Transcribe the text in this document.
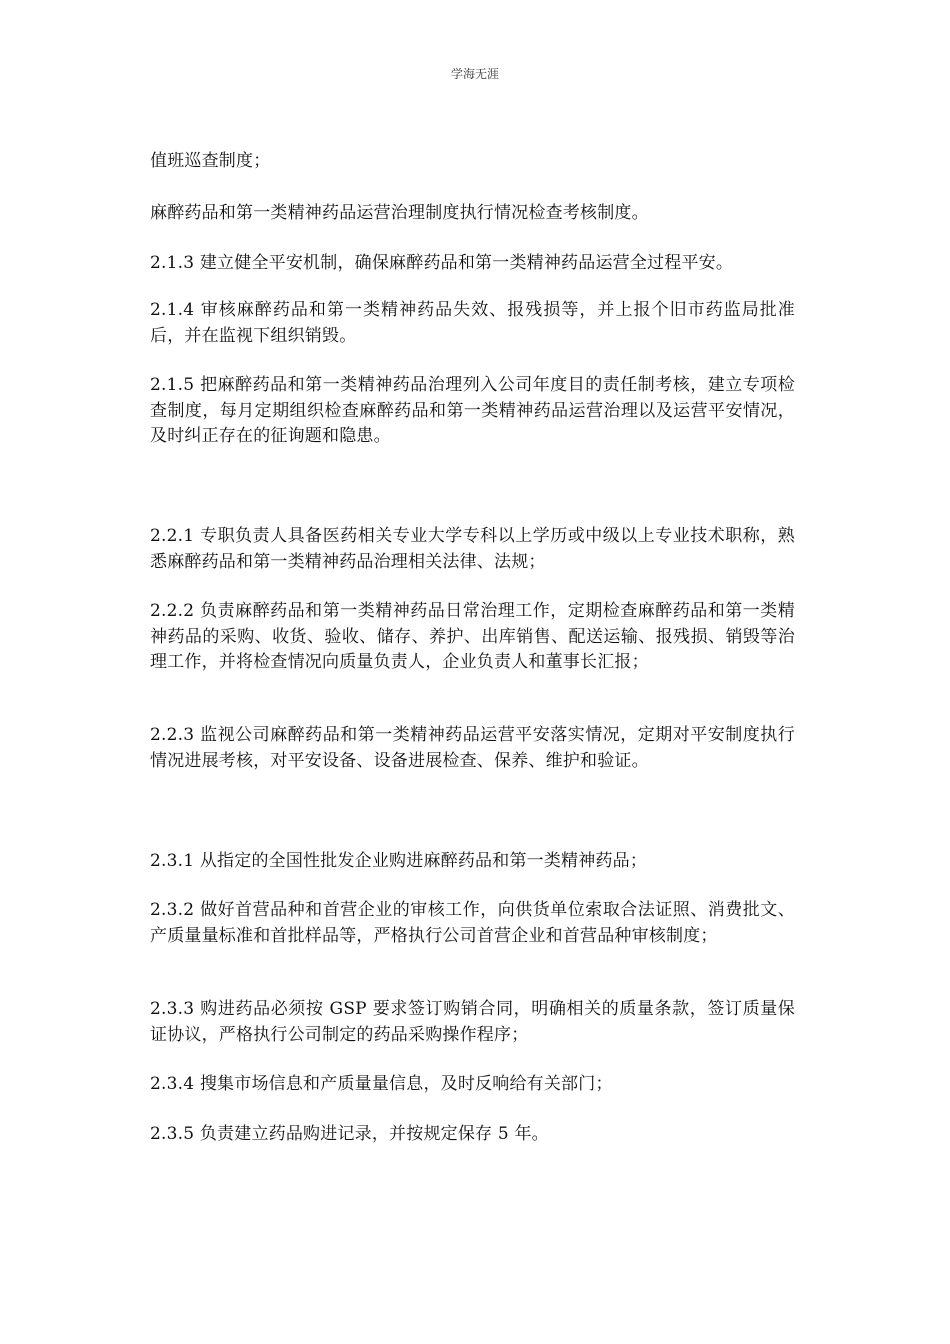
学海无涯

值班巡查制度；

麻醉药品和第一类精神药品运营治理制度执行情况检查考核制度。

2.1.3 建立健全平安机制，确保麻醉药品和第一类精神药品运营全过程平安。

2.1.4 审核麻醉药品和第一类精神药品失效、报残损等，并上报个旧市药监局批准后，并在监视下组织销毁。

2.1.5 把麻醉药品和第一类精神药品治理列入公司年度目的责任制考核，建立专项检查制度，每月定期组织检查麻醉药品和第一类精神药品运营治理以及运营平安情况，及时纠正存在的征询题和隐患。

2.2.1 专职负责人具备医药相关专业大学专科以上学历或中级以上专业技术职称，熟悉麻醉药品和第一类精神药品治理相关法律、法规；

2.2.2 负责麻醉药品和第一类精神药品日常治理工作，定期检查麻醉药品和第一类精神药品的采购、收货、验收、储存、养护、出库销售、配送运输、报残损、销毁等治理工作，并将检查情况向质量负责人，企业负责人和董事长汇报；

2.2.3 监视公司麻醉药品和第一类精神药品运营平安落实情况，定期对平安制度执行情况进展考核，对平安设备、设备进展检查、保养、维护和验证。

2.3.1 从指定的全国性批发企业购进麻醉药品和第一类精神药品；

2.3.2 做好首营品种和首营企业的审核工作，向供货单位索取合法证照、消费批文、产质量量标准和首批样品等，严格执行公司首营企业和首营品种审核制度；

2.3.3 购进药品必须按 GSP 要求签订购销合同，明确相关的质量条款，签订质量保证协议，严格执行公司制定的药品采购操作程序；

2.3.4 搜集市场信息和产质量量信息，及时反响给有关部门；

2.3.5 负责建立药品购进记录，并按规定保存 5 年。
